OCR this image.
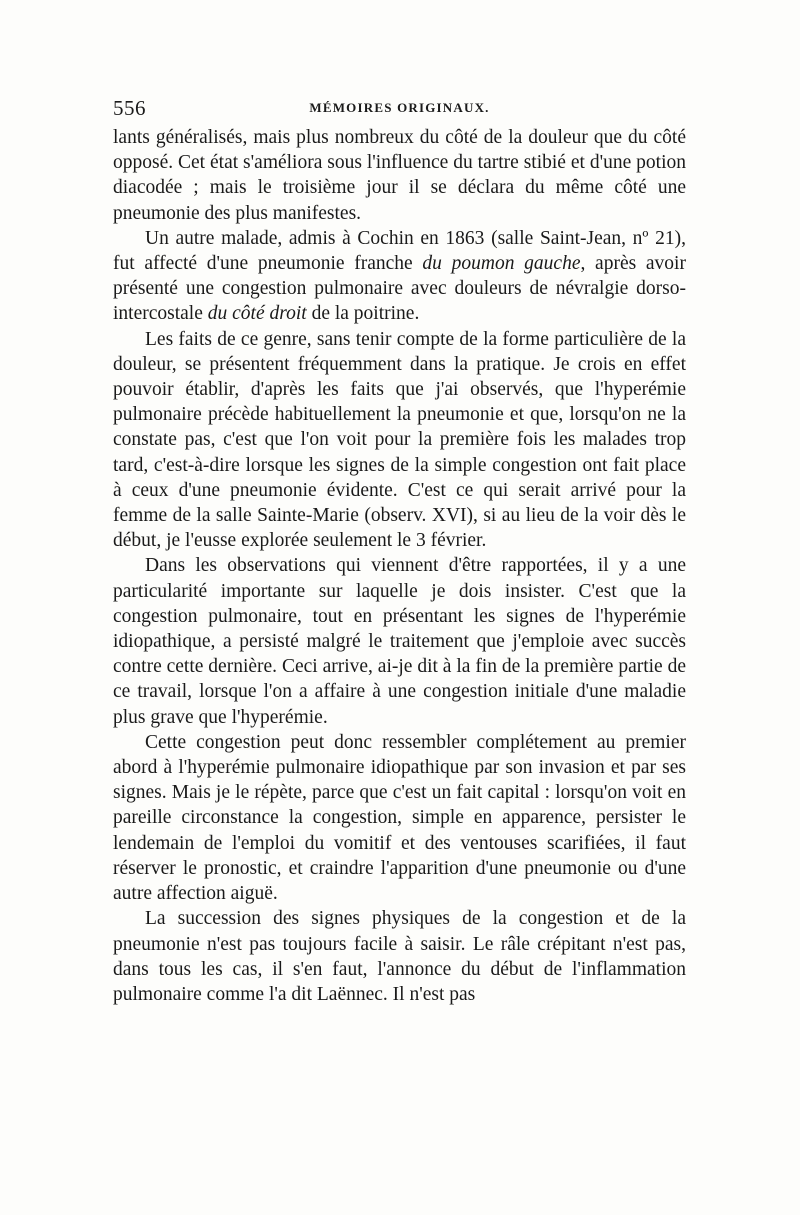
556	MÉMOIRES ORIGINAUX.

lants généralisés, mais plus nombreux du côté de la douleur que du côté opposé. Cet état s'améliora sous l'influence du tartre stibié et d'une potion diacodée ; mais le troisième jour il se déclara du même côté une pneumonie des plus manifestes.

Un autre malade, admis à Cochin en 1863 (salle Saint-Jean, nº 21), fut affecté d'une pneumonie franche du poumon gauche, après avoir présenté une congestion pulmonaire avec douleurs de névralgie dorso-intercostale du côté droit de la poitrine.

Les faits de ce genre, sans tenir compte de la forme particulière de la douleur, se présentent fréquemment dans la pratique. Je crois en effet pouvoir établir, d'après les faits que j'ai observés, que l'hyperémie pulmonaire précède habituellement la pneumonie et que, lorsqu'on ne la constate pas, c'est que l'on voit pour la première fois les malades trop tard, c'est-à-dire lorsque les signes de la simple congestion ont fait place à ceux d'une pneumonie évidente. C'est ce qui serait arrivé pour la femme de la salle Sainte-Marie (observ. XVI), si au lieu de la voir dès le début, je l'eusse explorée seulement le 3 février.

Dans les observations qui viennent d'être rapportées, il y a une particularité importante sur laquelle je dois insister. C'est que la congestion pulmonaire, tout en présentant les signes de l'hyperémie idiopathique, a persisté malgré le traitement que j'emploie avec succès contre cette dernière. Ceci arrive, ai-je dit à la fin de la première partie de ce travail, lorsque l'on a affaire à une congestion initiale d'une maladie plus grave que l'hyperémie.

Cette congestion peut donc ressembler complétement au premier abord à l'hyperémie pulmonaire idiopathique par son invasion et par ses signes. Mais je le répète, parce que c'est un fait capital : lorsqu'on voit en pareille circonstance la congestion, simple en apparence, persister le lendemain de l'emploi du vomitif et des ventouses scarifiées, il faut réserver le pronostic, et craindre l'apparition d'une pneumonie ou d'une autre affection aiguë.

La succession des signes physiques de la congestion et de la pneumonie n'est pas toujours facile à saisir. Le râle crépitant n'est pas, dans tous les cas, il s'en faut, l'annonce du début de l'inflammation pulmonaire comme l'a dit Laënnec. Il n'est pas
